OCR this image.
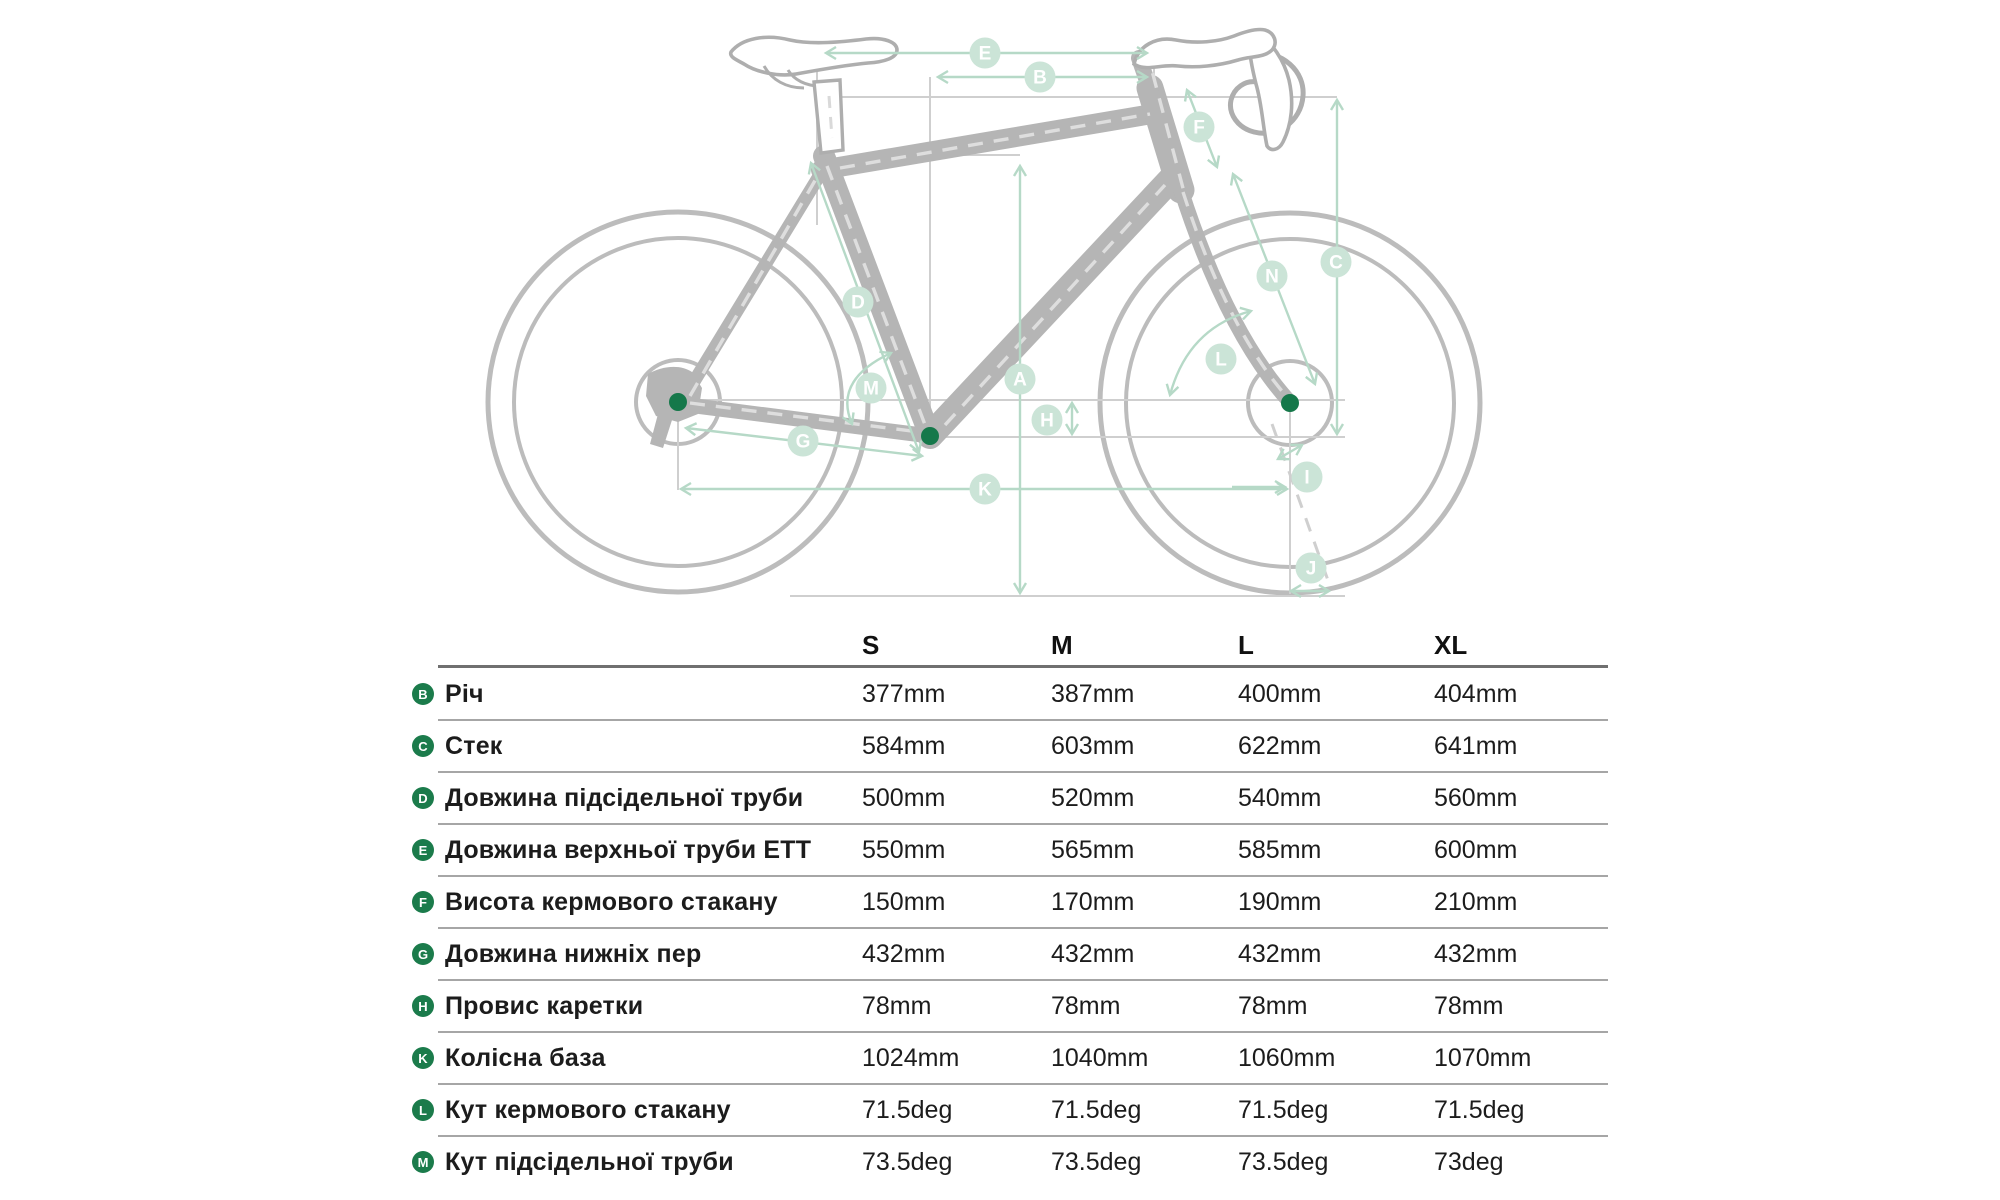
E
B
F
N
C
D
M	A
H
G
K
L
I
J
S	M	L	XL
B Річ	377mm	387mm	400mm	404mm
C Стек	584mm	603mm	622mm	641mm
D Довжина підсідельної труби	500mm	520mm	540mm	560mm
E Довжина верхньої труби ETT	550mm	565mm	585mm	600mm
F Висота кермового стакану	150mm	170mm	190mm	210mm
G Довжина нижніх пер	432mm	432mm	432mm	432mm
H Провис каретки	78mm	78mm	78mm	78mm
K Колісна база	1024mm	1040mm	1060mm	1070mm
L Кут кермового стакану	71.5deg	71.5deg	71.5deg	71.5deg
M Кут підсідельної труби	73.5deg	73.5deg	73.5deg	73deg
